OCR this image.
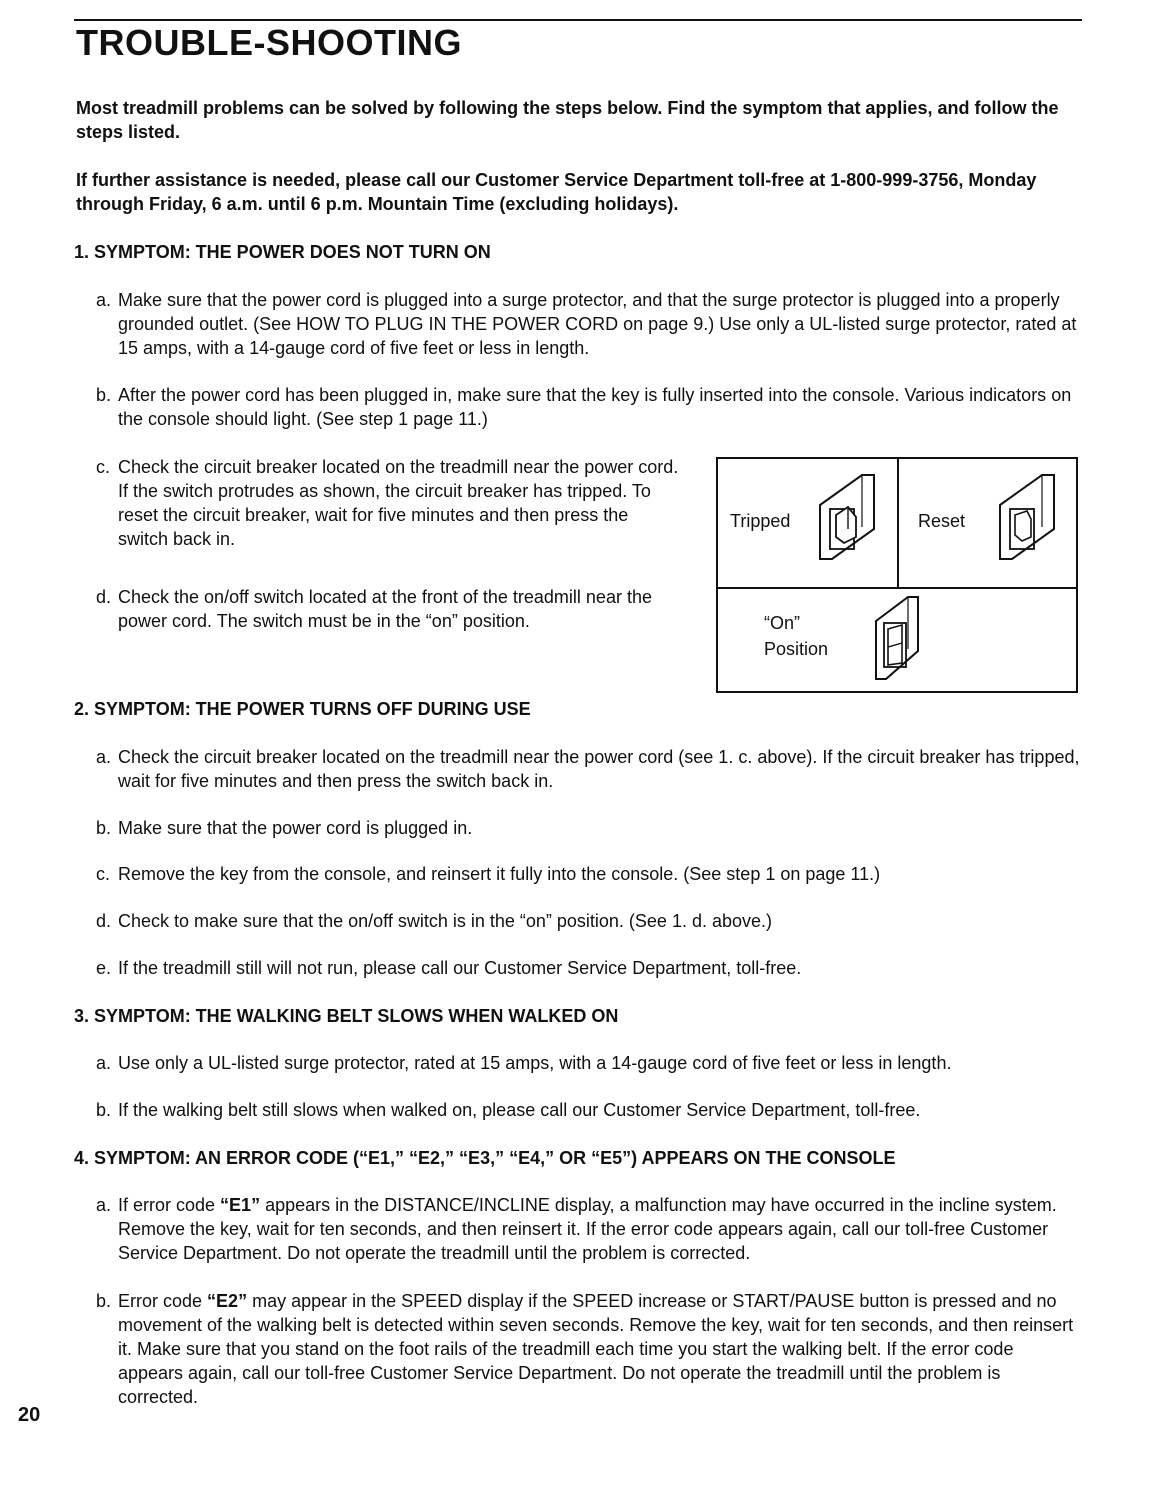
TROUBLE-SHOOTING

Most treadmill problems can be solved by following the steps below. Find the symptom that applies, and follow the steps listed.

If further assistance is needed, please call our Customer Service Department toll-free at 1-800-999-3756, Monday through Friday, 6 a.m. until 6 p.m. Mountain Time (excluding holidays).

1. SYMPTOM: THE POWER DOES NOT TURN ON

a. Make sure that the power cord is plugged into a surge protector, and that the surge protector is plugged into a properly grounded outlet. (See HOW TO PLUG IN THE POWER CORD on page 9.) Use only a UL-listed surge protector, rated at 15 amps, with a 14-gauge cord of five feet or less in length.

b. After the power cord has been plugged in, make sure that the key is fully inserted into the console. Various indicators on the console should light. (See step 1 page 11.)

c. Check the circuit breaker located on the treadmill near the power cord. If the switch protrudes as shown, the circuit breaker has tripped. To reset the circuit breaker, wait for five minutes and then press the switch back in.

d. Check the on/off switch located at the front of the treadmill near the power cord. The switch must be in the “on” position.

Tripped	Reset
“On”
Position

2. SYMPTOM: THE POWER TURNS OFF DURING USE

a. Check the circuit breaker located on the treadmill near the power cord (see 1. c. above). If the circuit breaker has tripped, wait for five minutes and then press the switch back in.

b. Make sure that the power cord is plugged in.

c. Remove the key from the console, and reinsert it fully into the console. (See step 1 on page 11.)

d. Check to make sure that the on/off switch is in the “on” position. (See 1. d. above.)

e. If the treadmill still will not run, please call our Customer Service Department, toll-free.

3. SYMPTOM: THE WALKING BELT SLOWS WHEN WALKED ON

a. Use only a UL-listed surge protector, rated at 15 amps, with a 14-gauge cord of five feet or less in length.

b. If the walking belt still slows when walked on, please call our Customer Service Department, toll-free.

4. SYMPTOM: AN ERROR CODE (“E1,” “E2,” “E3,” “E4,” OR “E5”) APPEARS ON THE CONSOLE

a. If error code “E1” appears in the DISTANCE/INCLINE display, a malfunction may have occurred in the incline system. Remove the key, wait for ten seconds, and then reinsert it. If the error code appears again, call our toll-free Customer Service Department. Do not operate the treadmill until the problem is corrected.

b. Error code “E2” may appear in the SPEED display if the SPEED increase or START/PAUSE button is pressed and no movement of the walking belt is detected within seven seconds. Remove the key, wait for ten seconds, and then reinsert it. Make sure that you stand on the foot rails of the treadmill each time you start the walking belt. If the error code appears again, call our toll-free Customer Service Department. Do not operate the treadmill until the problem is corrected.

20
